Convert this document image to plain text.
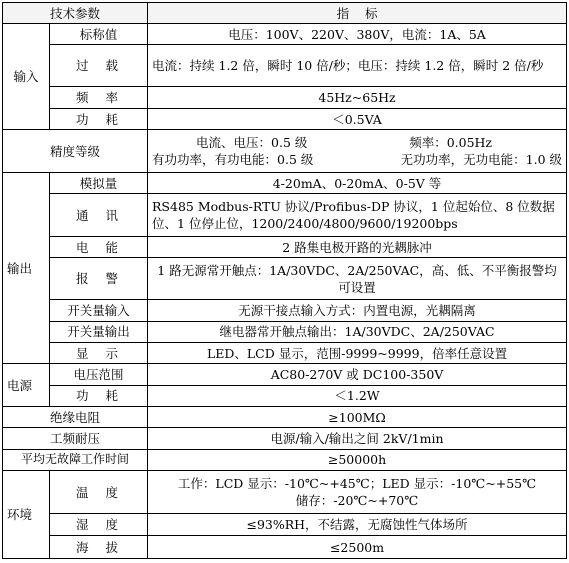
技术参数		指    标
输入	标称值	电压：100V、220V、380V，电流：1A、5A
	过  载	电流：持续 1.2 倍，瞬时 10 倍/秒；电压：持续 1.2 倍，瞬时 2 倍/秒
	频  率	45Hz~65Hz
	功  耗	＜0.5VA
精度等级		电流、电压：0.5 级 频率：0.05Hz
有功功率，有功电能：0.5 级 无功功率，无功电能：1.0 级

输出	模拟量	4-20mA、0-20mA、0-5V 等
	通  讯	RS485 Modbus-RTU 协议/Profibus-DP 协议，1 位起始位、8 位数据位、1 位停止位，1200/2400/4800/9600/19200bps
	电  能	2 路集电极开路的光耦脉冲
	报  警	1 路无源常开触点：1A/30VDC、2A/250VAC，高、低、不平衡报警均可设置
	开关量输入	无源干接点输入方式：内置电源，光耦隔离
	开关量输出	继电器常开触点输出：1A/30VDC、2A/250VAC
	显  示	LED、LCD 显示，范围-9999~9999，倍率任意设置
电源	电压范围	AC80-270V 或 DC100-350V
	功  耗	＜1.2W
绝缘电阻		≥100MΩ
工频耐压		电源/输入/输出之间 2kV/1min
平均无故障工作时间		≥50000h
环境	温  度	工作：LCD 显示：-10℃~+45℃；LED 显示：-10℃~+55℃
储存：-20℃~+70℃

	湿  度	≤93%RH，不结露，无腐蚀性气体场所
	海  拔	≤2500m
